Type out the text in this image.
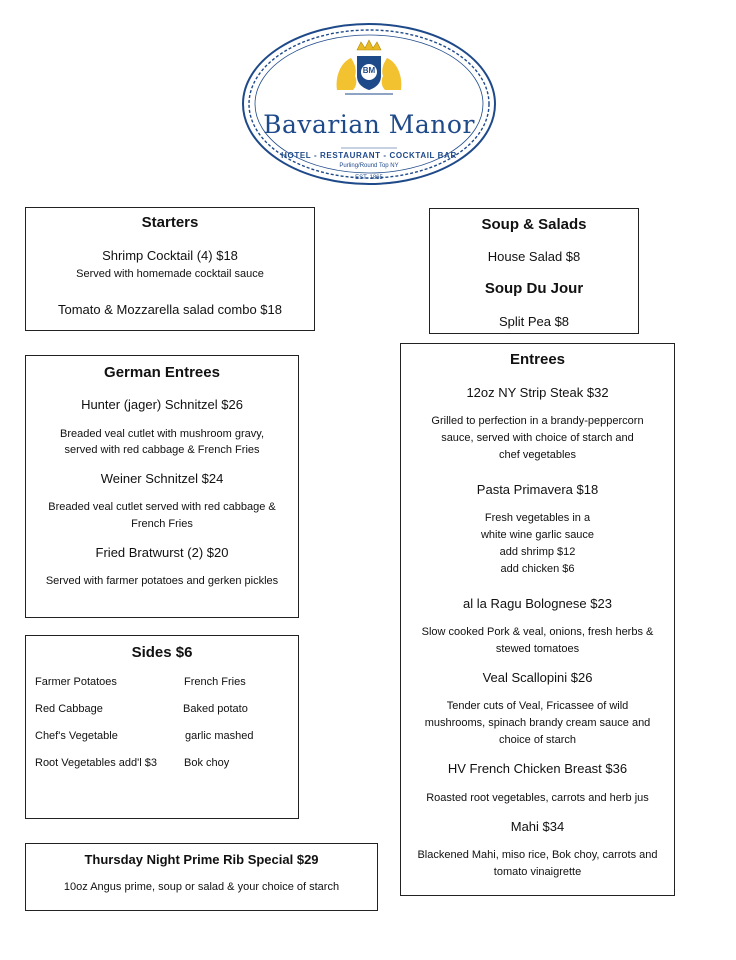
BM
Bavarian Manor
HOTEL - RESTAURANT - COCKTAIL BAR
Purling/Round Top NY
EST. 1865
Starters
Shrimp Cocktail (4) $18
Served with homemade cocktail sauce
Tomato & Mozzarella salad combo $18
Soup & Salads
House Salad $8
Soup Du Jour
Split Pea $8
German Entrees
Hunter (jager) Schnitzel $26
Breaded veal cutlet with mushroom gravy,
served with red cabbage & French Fries
Weiner Schnitzel $24
Breaded veal cutlet served with red cabbage &
French Fries
Fried Bratwurst (2) $20
Served with farmer potatoes and gerken pickles
Sides $6
Farmer Potatoes
Red Cabbage
Chef's Vegetable
Root Vegetables add'l $3
French Fries
Baked potato
garlic mashed
Bok choy
Thursday Night Prime Rib Special $29
10oz Angus prime, soup or salad & your choice of starch
Entrees
12oz NY Strip Steak $32
Grilled to perfection in a brandy-peppercorn
sauce, served with choice of starch and
chef vegetables
Pasta Primavera $18
Fresh vegetables in a
white wine garlic sauce
add shrimp $12
add chicken $6
al la Ragu Bolognese $23
Slow cooked Pork & veal, onions, fresh herbs &
stewed tomatoes
Veal Scallopini $26
Tender cuts of Veal, Fricassee of wild
mushrooms, spinach brandy cream sauce and
choice of starch
HV French Chicken Breast $36
Roasted root vegetables, carrots and herb jus
Mahi $34
Blackened Mahi, miso rice, Bok choy, carrots and
tomato vinaigrette
